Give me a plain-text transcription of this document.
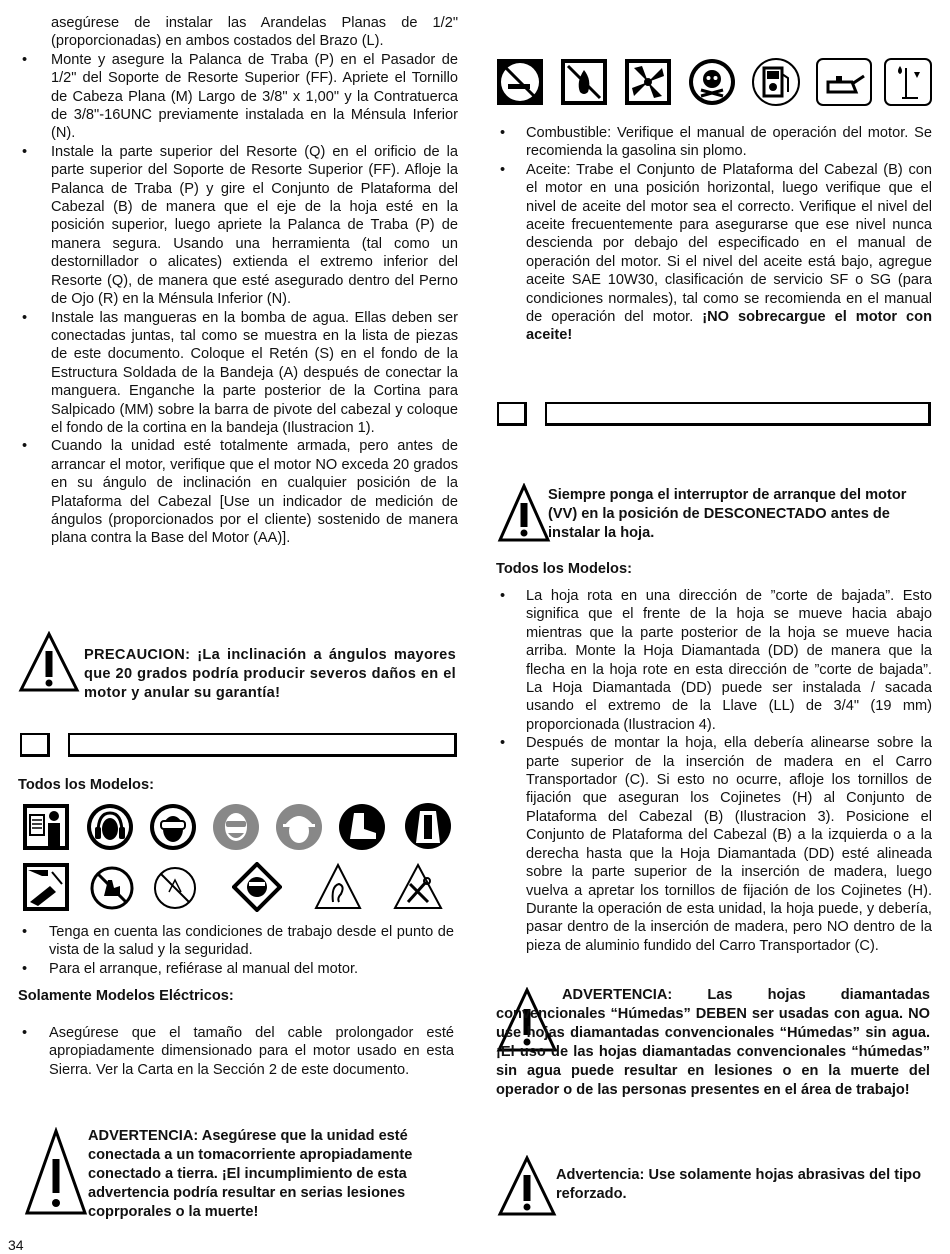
asegúrese de instalar las Arandelas Planas de 1/2" (proporcionadas) en ambos costados del Brazo (L).
• Monte y asegure la Palanca de Traba (P) en el Pasador de 1/2" del Soporte de Resorte Superior (FF). Apriete el Tornillo de Cabeza Plana (M) Largo de 3/8" x 1,00" y la Contratuerca de 3/8"-16UNC previamente instalada en la Ménsula Inferior (N).
• Instale la parte superior del Resorte (Q) en el orificio de la parte superior del Soporte de Resorte Superior (FF). Afloje la Palanca de Traba (P) y gire el Conjunto de Plataforma del Cabezal (B) de manera que el eje de la hoja esté en la posición superior, luego apriete la Palanca de Traba (P) de manera segura. Usando una herramienta (tal como un destornillador o alicates) extienda el extremo inferior del Resorte (Q), de manera que esté asegurado dentro del Perno de Ojo (R) en la Ménsula Inferior (N).
• Instale las mangueras en la bomba de agua. Ellas deben ser conectadas juntas, tal como se muestra en la lista de piezas de este documento. Coloque el Retén (S) en el fondo de la Estructura Soldada de la Bandeja (A) después de conectar la manguera. Enganche la parte posterior de la Cortina para Salpicado (MM) sobre la barra de pivote del cabezal y coloque el fondo de la cortina en la bandeja (Ilustracion 1).
• Cuando la unidad esté totalmente armada, pero antes de arrancar el motor, verifique que el motor NO exceda 20 grados en su ángulo de inclinación en cualquier posición de la Plataforma del Cabezal [Use un indicador de medición de ángulos (proporcionados por el cliente) sostenido de manera plana contra la Base del Motor (AA)].
PRECAUCION: ¡La inclinación a ángulos mayores que 20 grados podría producir severos daños en el motor y anular su garantía!
Todos los Modelos:
• Tenga en cuenta las condiciones de trabajo desde el punto de vista de la salud y la seguridad.
• Para el arranque, refiérase al manual del motor.
Solamente Modelos Eléctricos:
• Asegúrese que el tamaño del cable prolongador esté apropiadamente dimensionado para el motor usado en esta Sierra. Ver la Carta en la Sección 2 de este documento.
ADVERTENCIA: Asegúrese que la unidad esté conectada a un tomacorriente apropiadamente conectado a tierra. ¡El incumplimiento de esta advertencia podría resultar en serias lesiones coprporales o la muerte!
• Combustible: Verifique el manual de operación del motor. Se recomienda la gasolina sin plomo.
• Aceite: Trabe el Conjunto de Plataforma del Cabezal (B) con el motor en una posición horizontal, luego verifique que el nivel de aceite del motor sea el correcto. Verifique el nivel del aceite frecuentemente para asegurarse que ese nivel nunca descienda por debajo del especificado en el manual de operación del motor. Si el nivel del aceite está bajo, agregue aceite SAE 10W30, clasificación de servicio SF o SG (para condiciones normales), tal como se recomienda en el manual de operación del motor. ¡NO sobrecargue el motor con aceite!
Siempre ponga el interruptor de arranque del motor (VV) en la posición de DESCONECTADO antes de instalar la hoja.
Todos los Modelos:
• La hoja rota en una dirección de ”corte de bajada”. Esto significa que el frente de la hoja se mueve hacia abajo mientras que la parte posterior de la hoja se mueve hacia arriba. Monte la Hoja Diamantada (DD) de manera que la flecha en la hoja rote en esta dirección de ”corte de bajada”. La Hoja Diamantada (DD) puede ser instalada / sacada usando el extremo de la Llave (LL) de 3/4" (19 mm) proporcionada (Ilustracion 4).
• Después de montar la hoja, ella debería alinearse sobre la parte superior de la inserción de madera en el Carro Transportador (C). Si esto no ocurre, afloje los tornillos de fijación que aseguran los Cojinetes (H) al Conjunto de Plataforma del Cabezal (B) (Ilustracion 3). Posicione el Conjunto de Plataforma del Cabezal (B) a la izquierda o a la derecha hasta que la Hoja Diamantada (DD) esté alineada sobre la parte superior de la inserción de madera, luego vuelva a apretar los tornillos de fijación de los Cojinetes (H). Durante la operación de esta unidad, la hoja puede, y debería, pasar dentro de la inserción de madera, pero NO dentro de la pieza de aluminio fundido del Carro Transportador (C).
ADVERTENCIA: Las hojas diamantadas convencionales “Húmedas” DEBEN ser usadas con agua. NO use hojas diamantadas convencionales “Húmedas” sin agua. ¡El uso de las hojas diamantadas convencionales “húmedas” sin agua puede resultar en lesiones o en la muerte del operador o de las personas presentes en el área de trabajo!
Advertencia: Use solamente hojas abrasivas del tipo reforzado.
34
